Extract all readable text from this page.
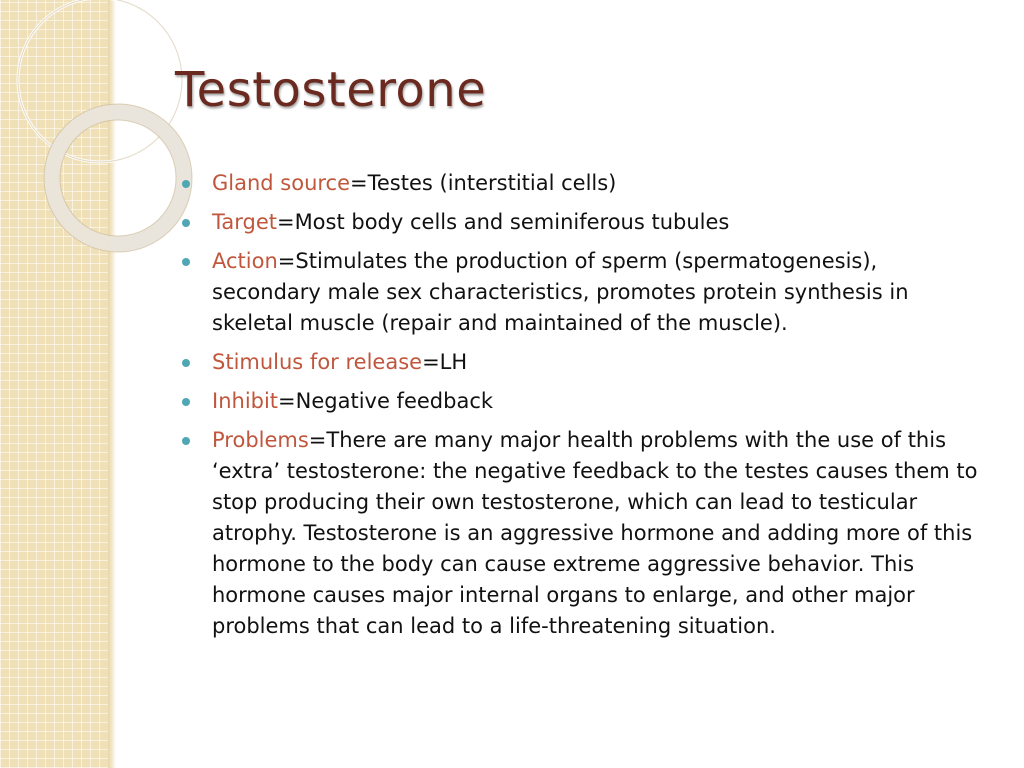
Testosterone
Gland source=Testes (interstitial cells)
Target=Most body cells and seminiferous tubules
Action=Stimulates the production of sperm (spermatogenesis), secondary male sex characteristics, promotes protein synthesis in skeletal muscle (repair and maintained of the muscle).
Stimulus for release=LH
Inhibit=Negative feedback
Problems=There are many major health problems with the use of this ‘extra’ testosterone: the negative feedback to the testes causes them to stop producing their own testosterone, which can lead to testicular atrophy. Testosterone is an aggressive hormone and adding more of this hormone to the body can cause extreme aggressive behavior. This hormone causes major internal organs to enlarge, and other major problems that can lead to a life-threatening situation.
